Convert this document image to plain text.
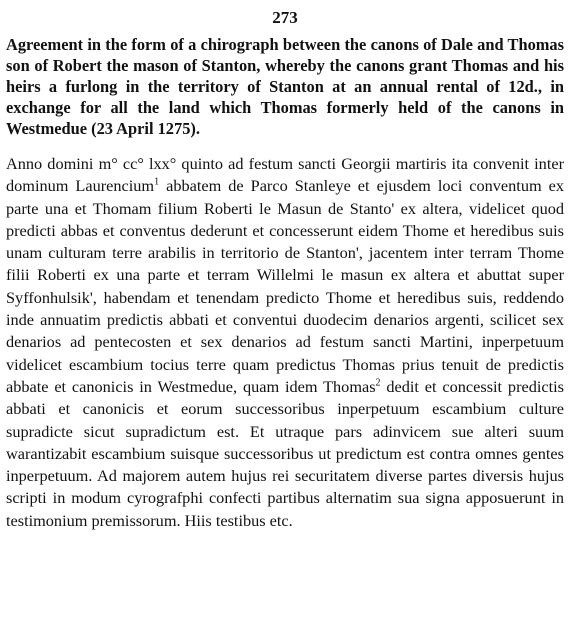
273

Agreement in the form of a chirograph between the canons of Dale and Thomas son of Robert the mason of Stanton, whereby the canons grant Thomas and his heirs a furlong in the territory of Stanton at an annual rental of 12d., in exchange for all the land which Thomas formerly held of the canons in Westmedue (23 April 1275).

Anno domini m° cc° lxx° quinto ad festum sancti Georgii martiris ita convenit inter dominum Laurencium$^1$ abbatem de Parco Stanleye et ejusdem loci conventum ex parte una et Thomam filium Roberti le Masun de Stanto' ex altera, videlicet quod predicti abbas et conventus dederunt et concesserunt eidem Thome et heredibus suis unam culturam terre arabilis in territorio de Stanton', jacentem inter terram Thome filii Roberti ex una parte et terram Willelmi le masun ex altera et abuttat super Syffonhulsik', habendam et tenendam predicto Thome et heredibus suis, reddendo inde annuatim predictis abbati et conventui duodecim denarios argenti, scilicet sex denarios ad pentecosten et sex denarios ad festum sancti Martini, inperpetuum videlicet escambium tocius terre quam predictus Thomas prius tenuit de predictis abbate et canonicis in Westmedue, quam idem Thomas$^2$ dedit et concessit predictis abbati et canonicis et eorum successoribus inperpetuum escambium culture supradicte sicut supradictum est. Et utraque pars adinvicem sue alteri suum warantizabit escambium suisque successoribus ut predictum est contra omnes gentes inperpetuum. Ad majorem autem hujus rei securitatem diverse partes diversis hujus scripti in modum cyrografphi confecti partibus alternatim sua signa apposuerunt in testimonium premissorum. Hiis testibus etc.
